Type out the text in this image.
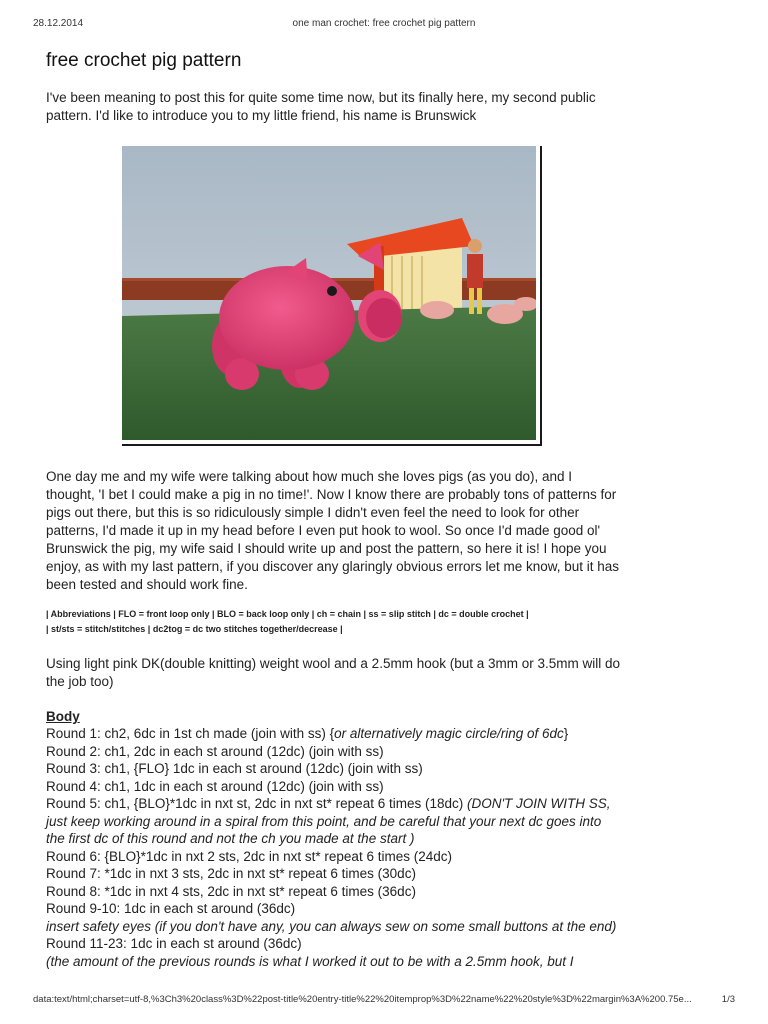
28.12.2014	one man crochet: free crochet pig pattern
free crochet pig pattern

I've been meaning to post this for quite some time now, but its finally here, my second public pattern. I'd like to introduce you to my little friend, his name is Brunswick

One day me and my wife were talking about how much she loves pigs (as you do), and I thought, 'I bet I could make a pig in no time!'. Now I know there are probably tons of patterns for pigs out there, but this is so ridiculously simple I didn't even feel the need to look for other patterns, I'd made it up in my head before I even put hook to wool. So once I'd made good ol' Brunswick the pig, my wife said I should write up and post the pattern, so here it is! I hope you enjoy, as with my last pattern, if you discover any glaringly obvious errors let me know, but it has been tested and should work fine.

| Abbreviations | FLO = front loop only | BLO = back loop only | ch = chain | ss = slip stitch | dc = double crochet |
| st/sts = stitch/stitches | dc2tog = dc two stitches together/decrease |

Using light pink DK(double knitting) weight wool and a 2.5mm hook (but a 3mm or 3.5mm will do the job too)

Body

Round 1: ch2, 6dc in 1st ch made (join with ss) {or alternatively magic circle/ring of 6dc}

Round 2: ch1, 2dc in each st around (12dc) (join with ss)

Round 3: ch1, {FLO} 1dc in each st around (12dc) (join with ss)

Round 4: ch1, 1dc in each st around (12dc) (join with ss)

Round 5: ch1, {BLO}*1dc in nxt st, 2dc in nxt st* repeat 6 times (18dc) (DON'T JOIN WITH SS, just keep working around in a spiral from this point, and be careful that your next dc goes into the first dc of this round and not the ch you made at the start )

Round 6: {BLO}*1dc in nxt 2 sts, 2dc in nxt st* repeat 6 times (24dc)

Round 7: *1dc in nxt 3 sts, 2dc in nxt st* repeat 6 times (30dc)

Round 8: *1dc in nxt 4 sts, 2dc in nxt st* repeat 6 times (36dc)

Round 9-10: 1dc in each st around (36dc)

insert safety eyes (if you don't have any, you can always sew on some small buttons at the end)

Round 11-23: 1dc in each st around (36dc)

(the amount of the previous rounds is what I worked it out to be with a 2.5mm hook, but I

data:text/html;charset=utf-8,%3Ch3%20class%3D%22post-title%20entry-title%22%20itemprop%3D%22name%22%20style%3D%22margin%3A%200.75e...	1/3
